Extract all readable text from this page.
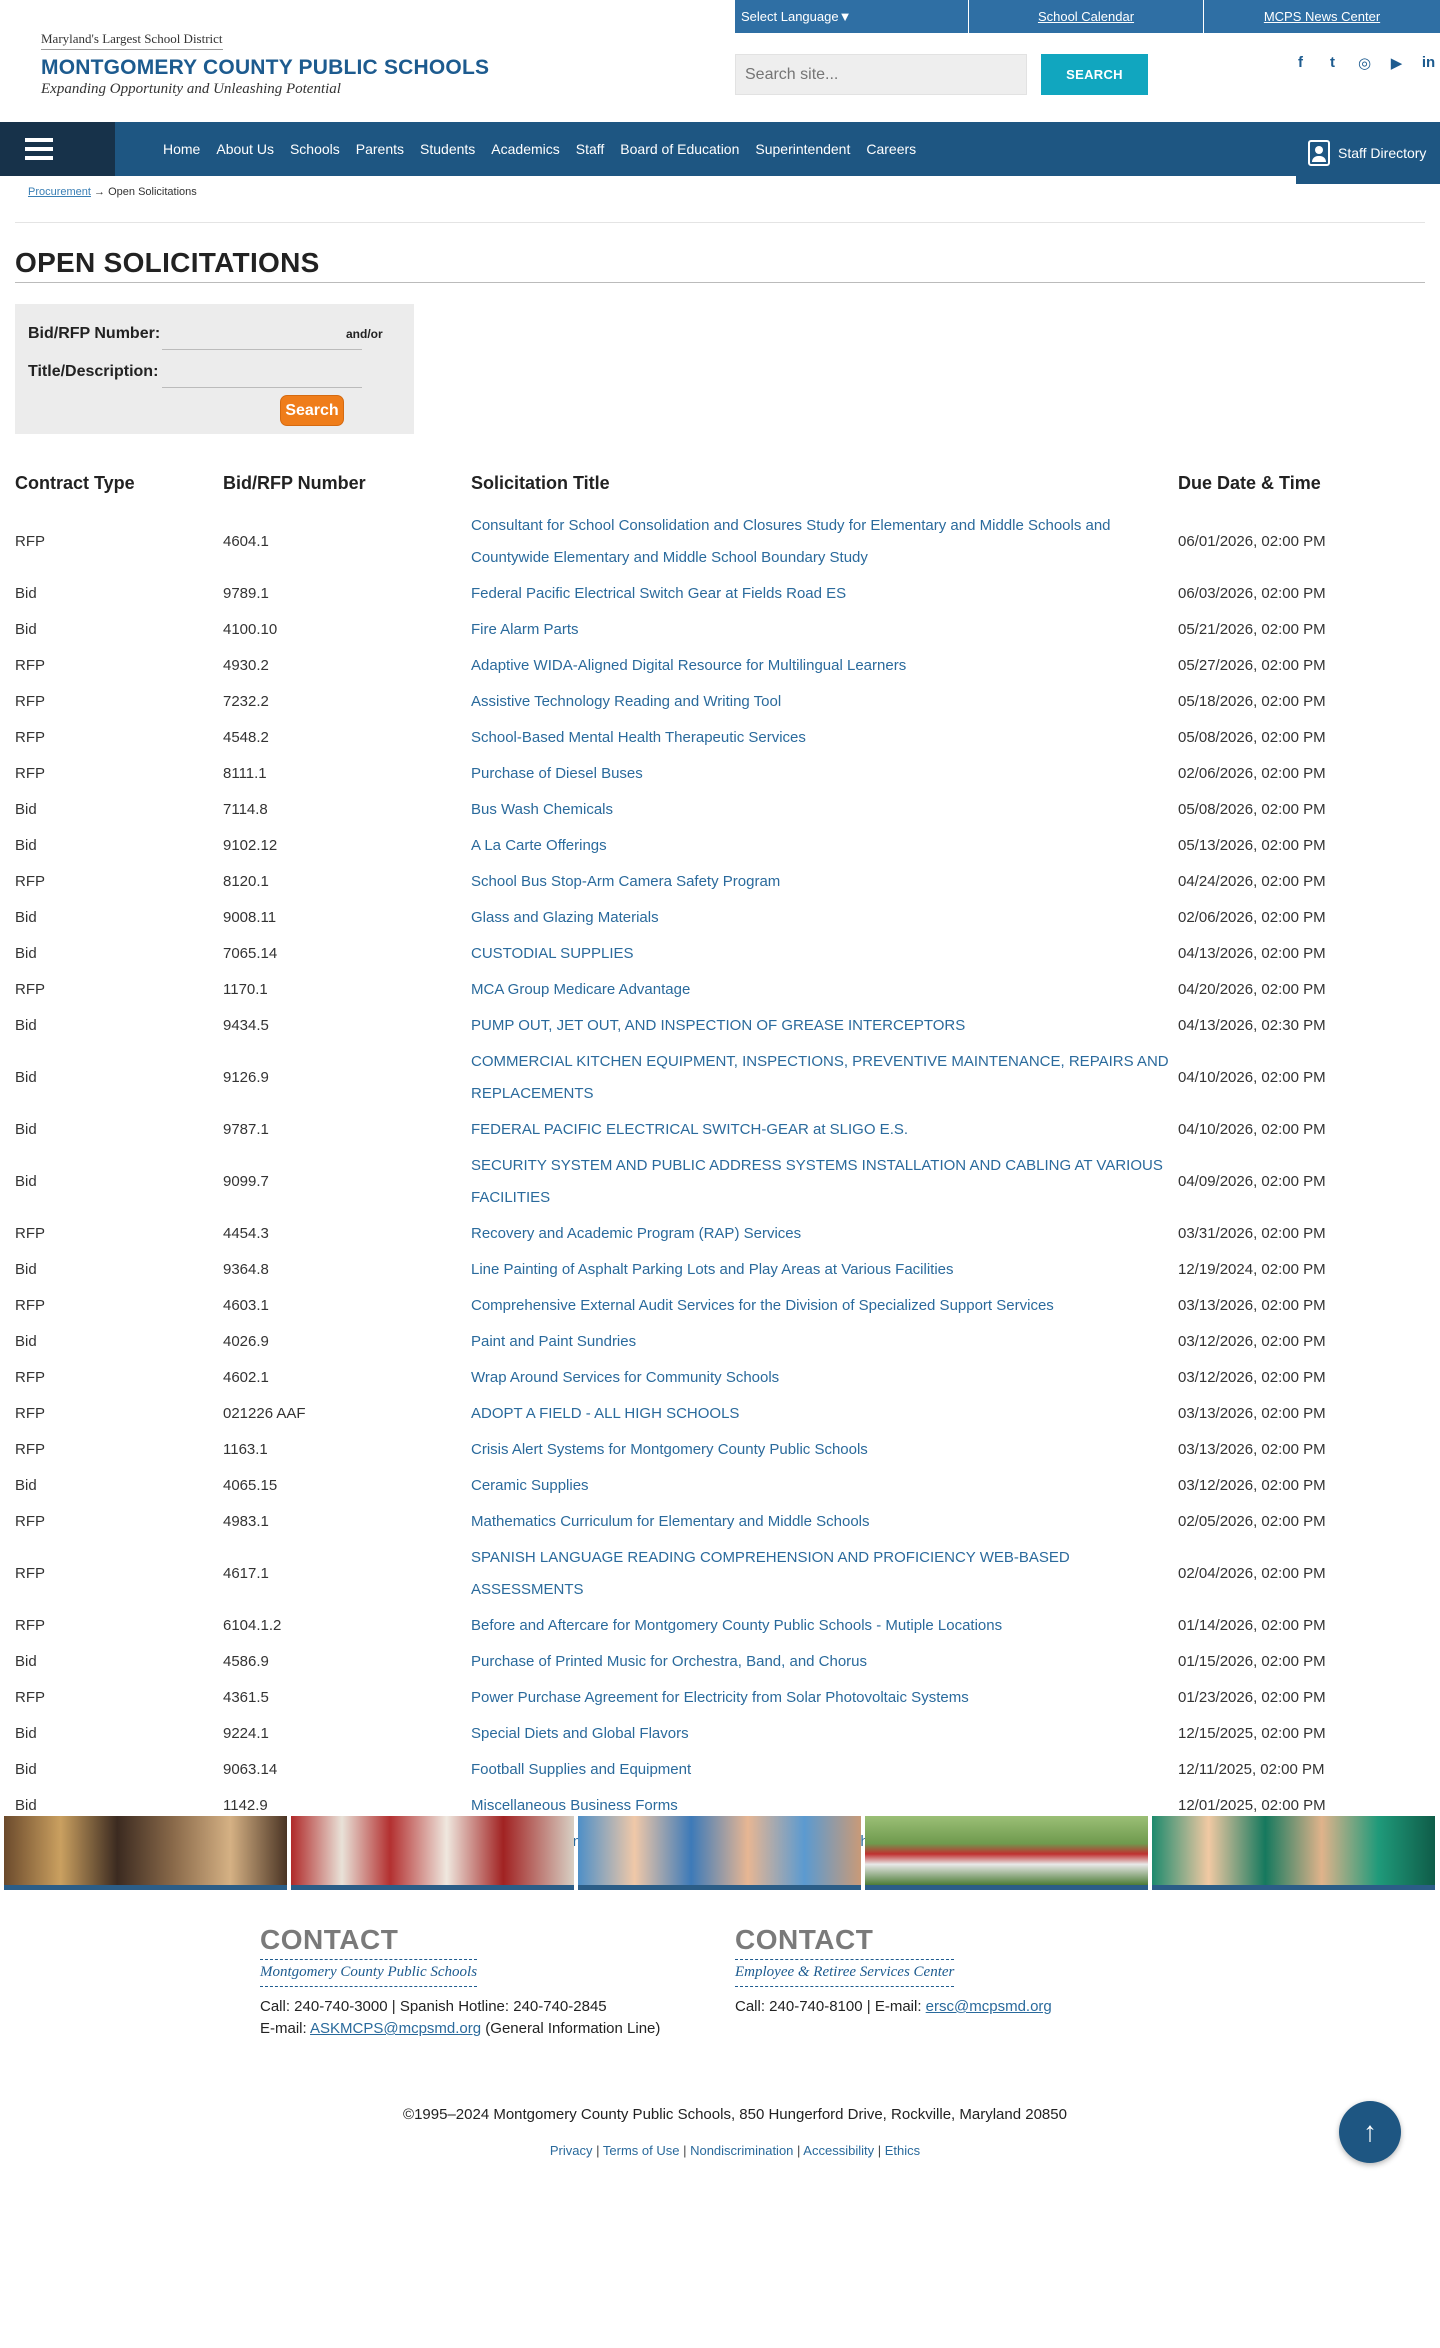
Maryland's Largest School District
MONTGOMERY COUNTY PUBLIC SCHOOLS
Expanding Opportunity and Unleashing Potential
Select Language▼	School Calendar	MCPS News Center
Search site...
SEARCH
f	t	◎ ▶ in
Home About Us Schools Parents Students Academics Staff Board of Education Superintendent Careers	Staff Directory
Procurement → Open Solicitations
OPEN SOLICITATIONS
Bid/RFP Number:	and/or
Title/Description:
Search
Contract Type	Bid/RFP Number	Solicitation Title	Due Date & Time
RFP	4604.1	Consultant for School Consolidation and Closures Study for Elementary and Middle Schools and Countywide Elementary and Middle School Boundary Study	06/01/2026, 02:00 PM
Bid	9789.1	Federal Pacific Electrical Switch Gear at Fields Road ES	06/03/2026, 02:00 PM
Bid	4100.10	Fire Alarm Parts	05/21/2026, 02:00 PM
RFP	4930.2	Adaptive WIDA-Aligned Digital Resource for Multilingual Learners	05/27/2026, 02:00 PM
RFP	7232.2	Assistive Technology Reading and Writing Tool	05/18/2026, 02:00 PM
RFP	4548.2	School-Based Mental Health Therapeutic Services	05/08/2026, 02:00 PM
RFP	8111.1	Purchase of Diesel Buses	02/06/2026, 02:00 PM
Bid	7114.8	Bus Wash Chemicals	05/08/2026, 02:00 PM
Bid	9102.12	A La Carte Offerings	05/13/2026, 02:00 PM
RFP	8120.1	School Bus Stop-Arm Camera Safety Program	04/24/2026, 02:00 PM
Bid	9008.11	Glass and Glazing Materials	02/06/2026, 02:00 PM
Bid	7065.14	CUSTODIAL SUPPLIES	04/13/2026, 02:00 PM
RFP	1170.1	MCA Group Medicare Advantage	04/20/2026, 02:00 PM
Bid	9434.5	PUMP OUT, JET OUT, AND INSPECTION OF GREASE INTERCEPTORS	04/13/2026, 02:30 PM
Bid	9126.9	COMMERCIAL KITCHEN EQUIPMENT, INSPECTIONS, PREVENTIVE MAINTENANCE, REPAIRS AND REPLACEMENTS	04/10/2026, 02:00 PM
Bid	9787.1	FEDERAL PACIFIC ELECTRICAL SWITCH-GEAR at SLIGO E.S.	04/10/2026, 02:00 PM
Bid	9099.7	SECURITY SYSTEM AND PUBLIC ADDRESS SYSTEMS INSTALLATION AND CABLING AT VARIOUS FACILITIES	04/09/2026, 02:00 PM
RFP	4454.3	Recovery and Academic Program (RAP) Services	03/31/2026, 02:00 PM
Bid	9364.8	Line Painting of Asphalt Parking Lots and Play Areas at Various Facilities	12/19/2024, 02:00 PM
RFP	4603.1	Comprehensive External Audit Services for the Division of Specialized Support Services	03/13/2026, 02:00 PM
Bid	4026.9	Paint and Paint Sundries	03/12/2026, 02:00 PM
RFP	4602.1	Wrap Around Services for Community Schools	03/12/2026, 02:00 PM
RFP	021226 AAF	ADOPT A FIELD - ALL HIGH SCHOOLS	03/13/2026, 02:00 PM
RFP	1163.1	Crisis Alert Systems for Montgomery County Public Schools	03/13/2026, 02:00 PM
Bid	4065.15	Ceramic Supplies	03/12/2026, 02:00 PM
RFP	4983.1	Mathematics Curriculum for Elementary and Middle Schools	02/05/2026, 02:00 PM
RFP	4617.1	SPANISH LANGUAGE READING COMPREHENSION AND PROFICIENCY WEB-BASED ASSESSMENTS	02/04/2026, 02:00 PM
RFP	6104.1.2	Before and Aftercare for Montgomery County Public Schools - Mutiple Locations	01/14/2026, 02:00 PM
Bid	4586.9	Purchase of Printed Music for Orchestra, Band, and Chorus	01/15/2026, 02:00 PM
RFP	4361.5	Power Purchase Agreement for Electricity from Solar Photovoltaic Systems	01/23/2026, 02:00 PM
Bid	9224.1	Special Diets and Global Flavors	12/15/2025, 02:00 PM
Bid	9063.14	Football Supplies and Equipment	12/11/2025, 02:00 PM
Bid	1142.9	Miscellaneous Business Forms	12/01/2025, 02:00 PM

CONTACT
Montgomery County Public Schools

Call: 240-740-3000 | Spanish Hotline: 240-740-2845
E-mail: ASKMCPS@mcpsmd.org (General Information Line)

CONTACT
Employee & Retiree Services Center

Call: 240-740-8100 | E-mail: ersc@mcpsmd.org

©1995–2024 Montgomery County Public Schools, 850 Hungerford Drive, Rockville, Maryland 20850
Privacy | Terms of Use | Nondiscrimination | Accessibility | Ethics
↑
